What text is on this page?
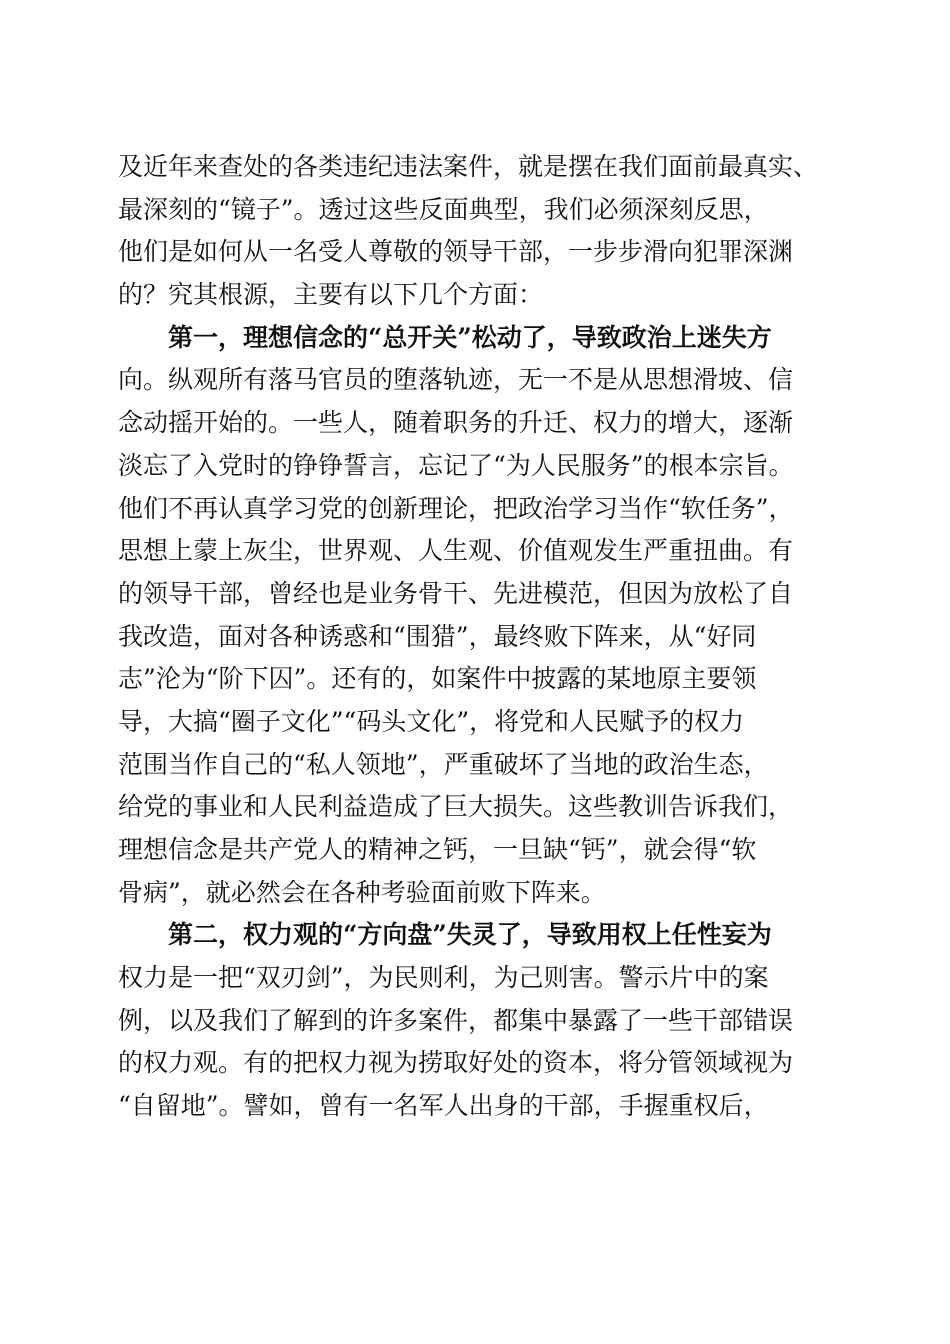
及近年来查处的各类违纪违法案件，就是摆在我们面前最真实、
最深刻的“镜子”。透过这些反面典型，我们必须深刻反思，
他们是如何从一名受人尊敬的领导干部，一步步滑向犯罪深渊
的？究其根源，主要有以下几个方面：
　　第一，理想信念的“总开关”松动了，导致政治上迷失方
向。纵观所有落马官员的堕落轨迹，无一不是从思想滑坡、信
念动摇开始的。一些人，随着职务的升迁、权力的增大，逐渐
淡忘了入党时的铮铮誓言，忘记了“为人民服务”的根本宗旨。
他们不再认真学习党的创新理论，把政治学习当作“软任务”，
思想上蒙上灰尘，世界观、人生观、价值观发生严重扭曲。有
的领导干部，曾经也是业务骨干、先进模范，但因为放松了自
我改造，面对各种诱惑和“围猎”，最终败下阵来，从“好同
志”沦为“阶下囚”。还有的，如案件中披露的某地原主要领
导，大搞“圈子文化”“码头文化”，将党和人民赋予的权力
范围当作自己的“私人领地”，严重破坏了当地的政治生态，
给党的事业和人民利益造成了巨大损失。这些教训告诉我们，
理想信念是共产党人的精神之钙，一旦缺“钙”，就会得“软
骨病”，就必然会在各种考验面前败下阵来。
　　第二，权力观的“方向盘”失灵了，导致用权上任性妄为
权力是一把“双刃剑”，为民则利，为己则害。警示片中的案
例，以及我们了解到的许多案件，都集中暴露了一些干部错误
的权力观。有的把权力视为捞取好处的资本，将分管领域视为
“自留地”。譬如，曾有一名军人出身的干部，手握重权后，
